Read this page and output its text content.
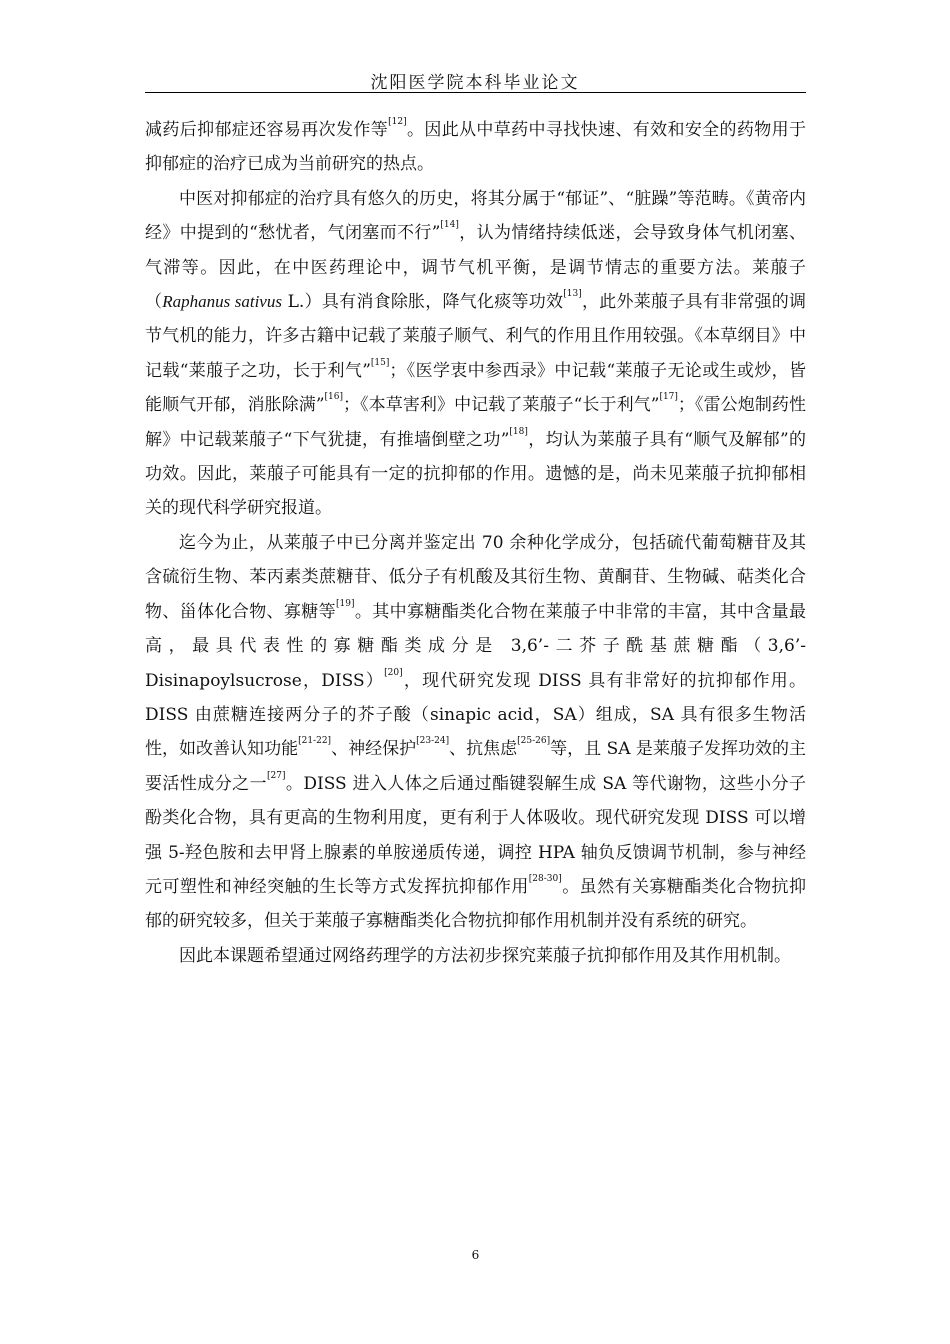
沈阳医学院本科毕业论文

减药后抑郁症还容易再次发作等[12]。因此从中草药中寻找快速、有效和安全的药物用于抑郁症的治疗已成为当前研究的热点。

中医对抑郁症的治疗具有悠久的历史，将其分属于“郁证”、“脏躁”等范畴。《黄帝内经》中提到的“愁忧者，气闭塞而不行”[14]，认为情绪持续低迷，会导致身体气机闭塞、气滞等。因此，在中医药理论中，调节气机平衡，是调节情志的重要方法。莱菔子（Raphanus sativus L.）具有消食除胀，降气化痰等功效[13]，此外莱菔子具有非常强的调节气机的能力，许多古籍中记载了莱菔子顺气、利气的作用且作用较强。《本草纲目》中记载“莱菔子之功，长于利气”[15]；《医学衷中参西录》中记载“莱菔子无论或生或炒，皆能顺气开郁，消胀除满”[16]；《本草害利》中记载了莱菔子“长于利气”[17]；《雷公炮制药性解》中记载莱菔子“下气犹捷，有推墙倒壁之功”[18]，均认为莱菔子具有“顺气及解郁”的功效。因此，莱菔子可能具有一定的抗抑郁的作用。遗憾的是，尚未见莱菔子抗抑郁相关的现代科学研究报道。

迄今为止，从莱菔子中已分离并鉴定出 70 余种化学成分，包括硫代葡萄糖苷及其含硫衍生物、苯丙素类蔗糖苷、低分子有机酸及其衍生物、黄酮苷、生物碱、萜类化合物、甾体化合物、寡糖等[19]。其中寡糖酯类化合物在莱菔子中非常的丰富，其中含量最高，最具代表性的寡糖酯类成分是 3,6’-二芥子酰基蔗糖酯（3,6’-Disinapoylsucrose，DISS）[20]，现代研究发现 DISS 具有非常好的抗抑郁作用。DISS 由蔗糖连接两分子的芥子酸（sinapic acid，SA）组成，SA 具有很多生物活性，如改善认知功能[21-22]、神经保护[23-24]、抗焦虑[25-26]等，且 SA 是莱菔子发挥功效的主要活性成分之一[27]。DISS 进入人体之后通过酯键裂解生成 SA 等代谢物，这些小分子酚类化合物，具有更高的生物利用度，更有利于人体吸收。现代研究发现 DISS 可以增强 5-羟色胺和去甲肾上腺素的单胺递质传递，调控 HPA 轴负反馈调节机制，参与神经元可塑性和神经突触的生长等方式发挥抗抑郁作用[28-30]。虽然有关寡糖酯类化合物抗抑郁的研究较多，但关于莱菔子寡糖酯类化合物抗抑郁作用机制并没有系统的研究。

因此本课题希望通过网络药理学的方法初步探究莱菔子抗抑郁作用及其作用机制。

6
